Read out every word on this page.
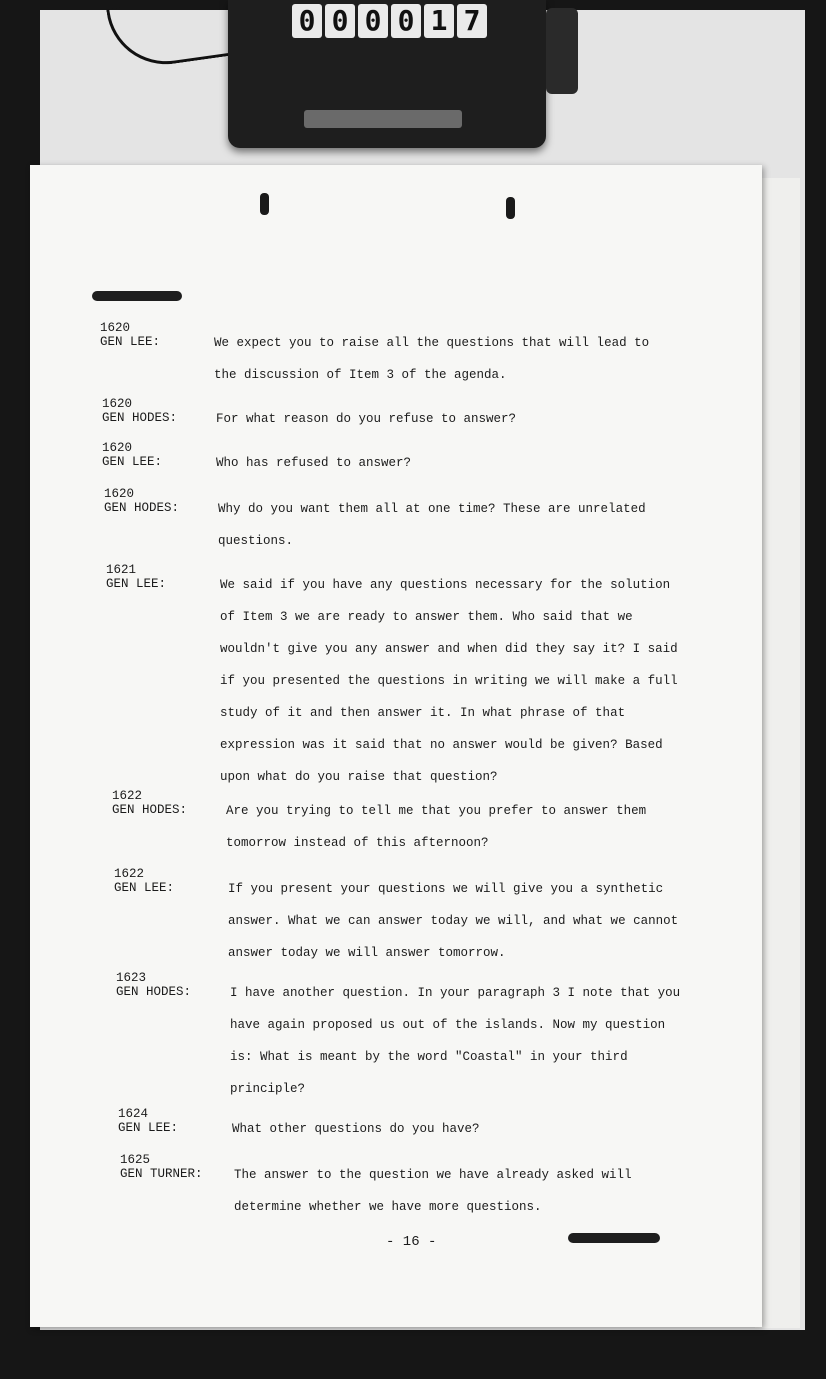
0 0 0 0 1 7
1620
GEN LEE:	We expect you to raise all the questions that will lead to the discussion of Item 3 of the agenda.
1620
GEN HODES:	For what reason do you refuse to answer?
1620
GEN LEE:	Who has refused to answer?
1620
GEN HODES:	Why do you want them all at one time? These are unrelated questions.
1621
GEN LEE:	We said if you have any questions necessary for the solution of Item 3 we are ready to answer them. Who said that we wouldn't give you any answer and when did they say it? I said if you presented the questions in writing we will make a full study of it and then answer it. In what phrase of that expression was it said that no answer would be given? Based upon what do you raise that question?
1622
GEN HODES:	Are you trying to tell me that you prefer to answer them tomorrow instead of this afternoon?
1622
GEN LEE:	If you present your questions we will give you a synthetic answer. What we can answer today we will, and what we cannot answer today we will answer tomorrow.
1623
GEN HODES:	I have another question. In your paragraph 3 I note that you have again proposed us out of the islands. Now my question is: What is meant by the word "Coastal" in your third principle?
1624
GEN LEE:	What other questions do you have?
1625
GEN TURNER:	The answer to the question we have already asked will determine whether we have more questions.
- 16 -
